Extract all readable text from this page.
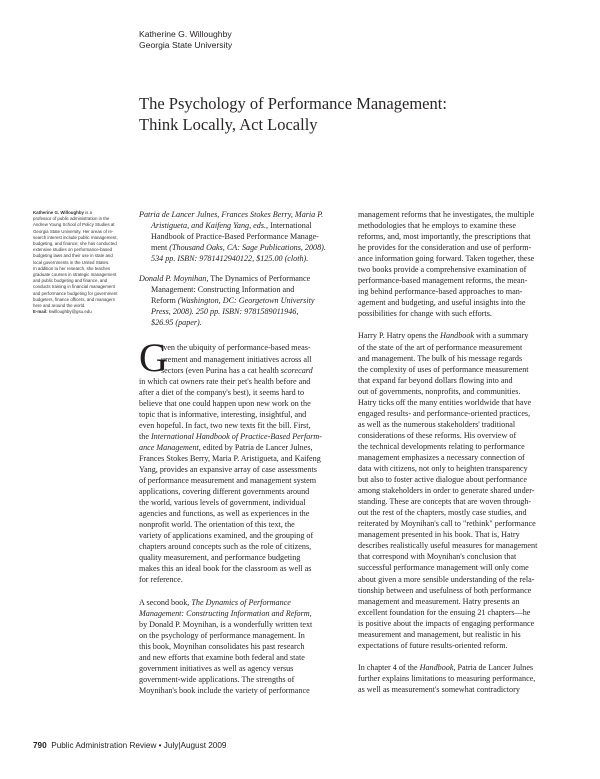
Katherine G. Willoughby
Georgia State University
The Psychology of Performance Management:
Think Locally, Act Locally
Katherine G. Willoughby is a
professor of public administration in the
Andrew Young School of Policy Studies at
Georgia State University. Her areas of re-
search interest include public management,
budgeting, and finance; she has conducted
extensive studies on performance-based
budgeting laws and their use in state and
local governments in the United States.
In addition to her research, she teaches
graduate courses in strategic management
and public budgeting and finance, and
conducts training in financial management
and performance budgeting for government
budgeters, finance officers, and managers
here and around the world.
E-mail: kwilloughby@gsu.edu
Patria de Lancer Julnes, Frances Stokes Berry, Maria P.
Aristigueta, and Kaifeng Yang, eds., International
Handbook of Practice-Based Performance Manage-
ment (Thousand Oaks, CA: Sage Publications, 2008).
534 pp. ISBN: 9781412940122, $125.00 (cloth).
Donald P. Moynihan, The Dynamics of Performance
Management: Constructing Information and
Reform (Washington, DC: Georgetown University
Press, 2008). 250 pp. ISBN: 9781589011946,
$26.95 (paper).
G
iven the ubiquity of performance-based meas-
urement and management initiatives across all
sectors (even Purina has a cat health scorecard
in which cat owners rate their pet's health before and
after a diet of the company's best), it seems hard to
believe that one could happen upon new work on the
topic that is informative, interesting, insightful, and
even hopeful. In fact, two new texts fit the bill. First,
the International Handbook of Practice-Based Perform-
ance Management, edited by Patria de Lancer Julnes,
Frances Stokes Berry, Maria P. Aristigueta, and Kaifeng
Yang, provides an expansive array of case assessments
of performance measurement and management system
applications, covering different governments around
the world, various levels of government, individual
agencies and functions, as well as experiences in the
nonprofit world. The orientation of this text, the
variety of applications examined, and the grouping of
chapters around concepts such as the role of citizens,
quality measurement, and performance budgeting
makes this an ideal book for the classroom as well as
for reference.
A second book, The Dynamics of Performance
Management: Constructing Information and Reform,
by Donald P. Moynihan, is a wonderfully written text
on the psychology of performance management. In
this book, Moynihan consolidates his past research
and new efforts that examine both federal and state
government initiatives as well as agency versus
government-wide applications. The strengths of
Moynihan's book include the variety of performance
management reforms that he investigates, the multiple
methodologies that he employs to examine these
reforms, and, most importantly, the prescriptions that
he provides for the consideration and use of perform-
ance information going forward. Taken together, these
two books provide a comprehensive examination of
performance-based management reforms, the mean-
ing behind performance-based approaches to man-
agement and budgeting, and useful insights into the
possibilities for change with such efforts.
Harry P. Hatry opens the Handbook with a summary
of the state of the art of performance measurement
and management. The bulk of his message regards
the complexity of uses of performance measurement
that expand far beyond dollars flowing into and
out of governments, nonprofits, and communities.
Hatry ticks off the many entities worldwide that have
engaged results- and performance-oriented practices,
as well as the numerous stakeholders' traditional
considerations of these reforms. His overview of
the technical developments relating to performance
management emphasizes a necessary connection of
data with citizens, not only to heighten transparency
but also to foster active dialogue about performance
among stakeholders in order to generate shared under-
standing. These are concepts that are woven through-
out the rest of the chapters, mostly case studies, and
reiterated by Moynihan's call to "rethink" performance
management presented in his book. That is, Hatry
describes realistically useful measures for management
that correspond with Moynihan's conclusion that
successful performance management will only come
about given a more sensible understanding of the rela-
tionship between and usefulness of both performance
management and measurement. Hatry presents an
excellent foundation for the ensuing 21 chapters—he
is positive about the impacts of engaging performance
measurement and management, but realistic in his
expectations of future results-oriented reform.
In chapter 4 of the Handbook, Patria de Lancer Julnes
further explains limitations to measuring performance,
as well as measurement's somewhat contradictory
790 Public Administration Review • July|August 2009
